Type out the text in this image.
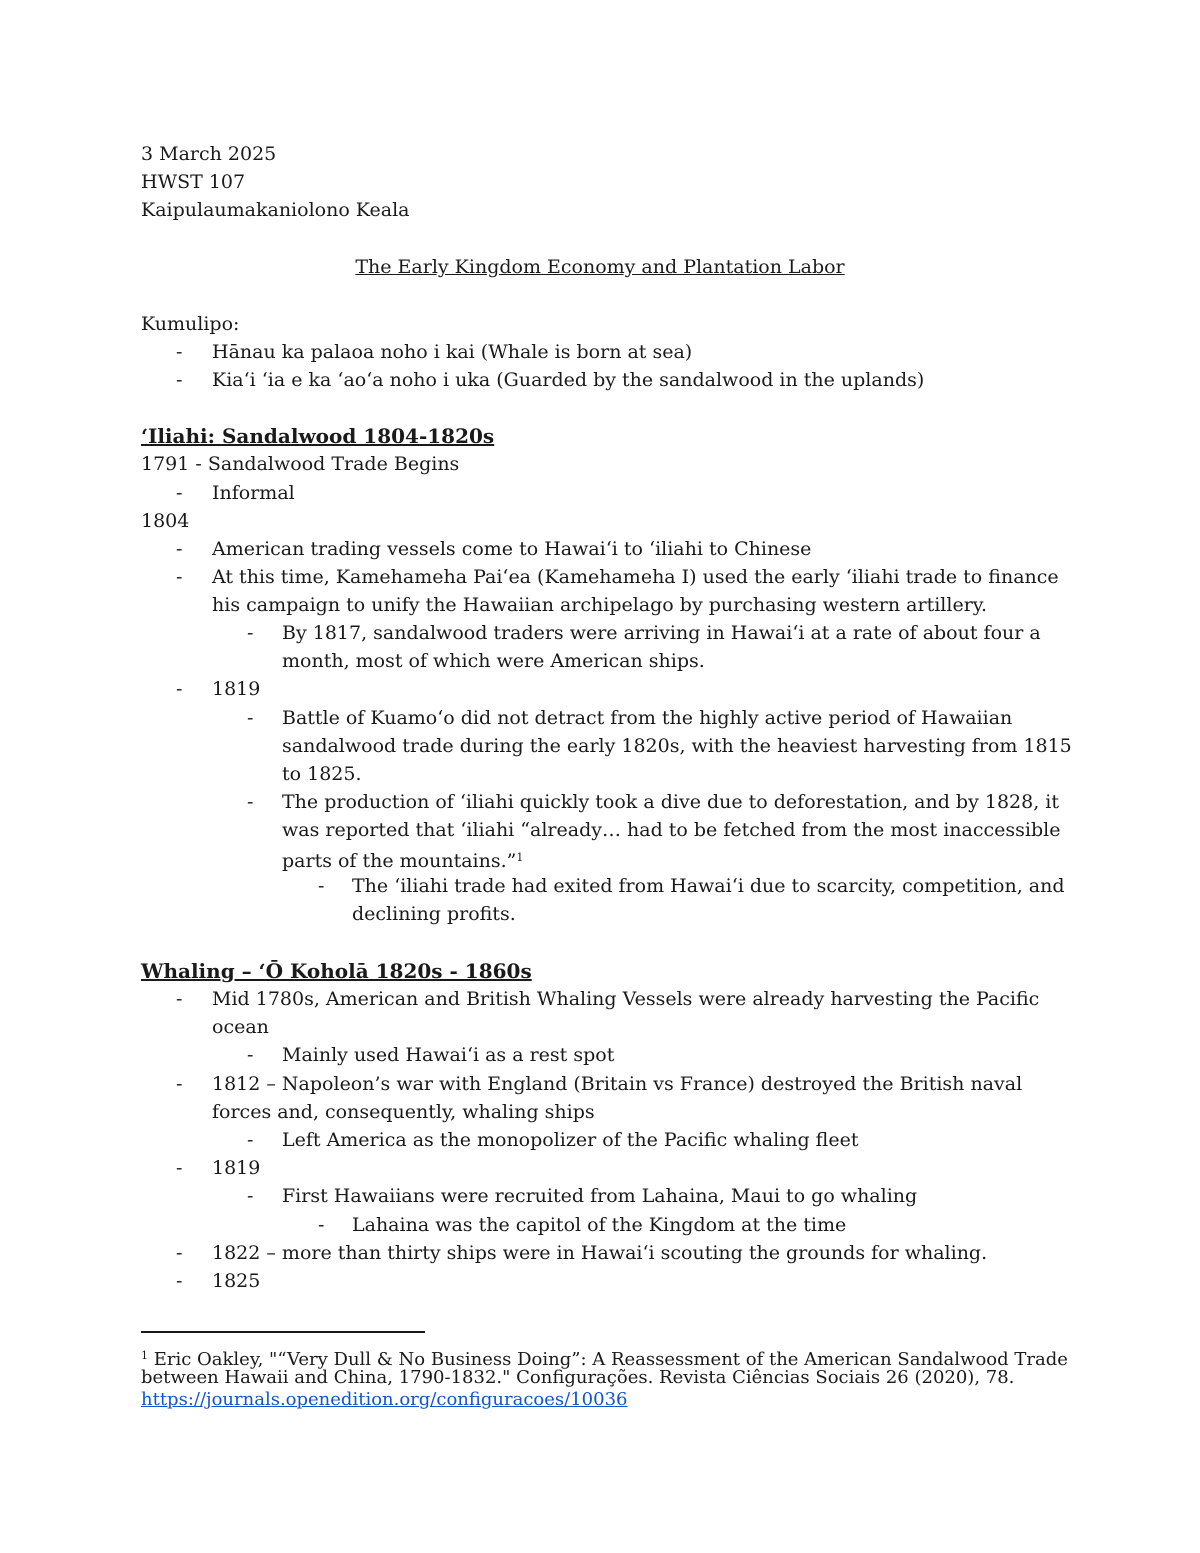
3 March 2025
HWST 107
Kaipulaumakaniolono Keala
The Early Kingdom Economy and Plantation Labor
Kumulipo:
- Hānau ka palaoa noho i kai (Whale is born at sea)
- Kiaʻi ʻia e ka ʻaoʻa noho i uka (Guarded by the sandalwood in the uplands)
ʻIliahi: Sandalwood 1804-1820s
1791 - Sandalwood Trade Begins
- Informal
1804
- American trading vessels come to Hawaiʻi to ʻiliahi to Chinese
- At this time, Kamehameha Paiʻea (Kamehameha I) used the early ʻiliahi trade to finance
his campaign to unify the Hawaiian archipelago by purchasing western artillery.
- By 1817, sandalwood traders were arriving in Hawaiʻi at a rate of about four a
month, most of which were American ships.
- 1819
- Battle of Kuamoʻo did not detract from the highly active period of Hawaiian
sandalwood trade during the early 1820s, with the heaviest harvesting from 1815
to 1825.
- The production of ʻiliahi quickly took a dive due to deforestation, and by 1828, it
was reported that ʻiliahi “already… had to be fetched from the most inaccessible
parts of the mountains.”$^1$
- The ʻiliahi trade had exited from Hawaiʻi due to scarcity, competition, and
declining profits.
Whaling – ʻŌ Koholā 1820s - 1860s
- Mid 1780s, American and British Whaling Vessels were already harvesting the Pacific
ocean
- Mainly used Hawaiʻi as a rest spot
- 1812 – Napoleon’s war with England (Britain vs France) destroyed the British naval
forces and, consequently, whaling ships
- Left America as the monopolizer of the Pacific whaling fleet
- 1819
- First Hawaiians were recruited from Lahaina, Maui to go whaling
- Lahaina was the capitol of the Kingdom at the time
- 1822 – more than thirty ships were in Hawaiʻi scouting the grounds for whaling.
- 1825
$^1$ Eric Oakley, "“Very Dull & No Business Doing”: A Reassessment of the American Sandalwood Trade
between Hawaii and China, 1790-1832." Configurações. Revista Ciências Sociais 26 (2020), 78.
https://journals.openedition.org/configuracoes/10036
